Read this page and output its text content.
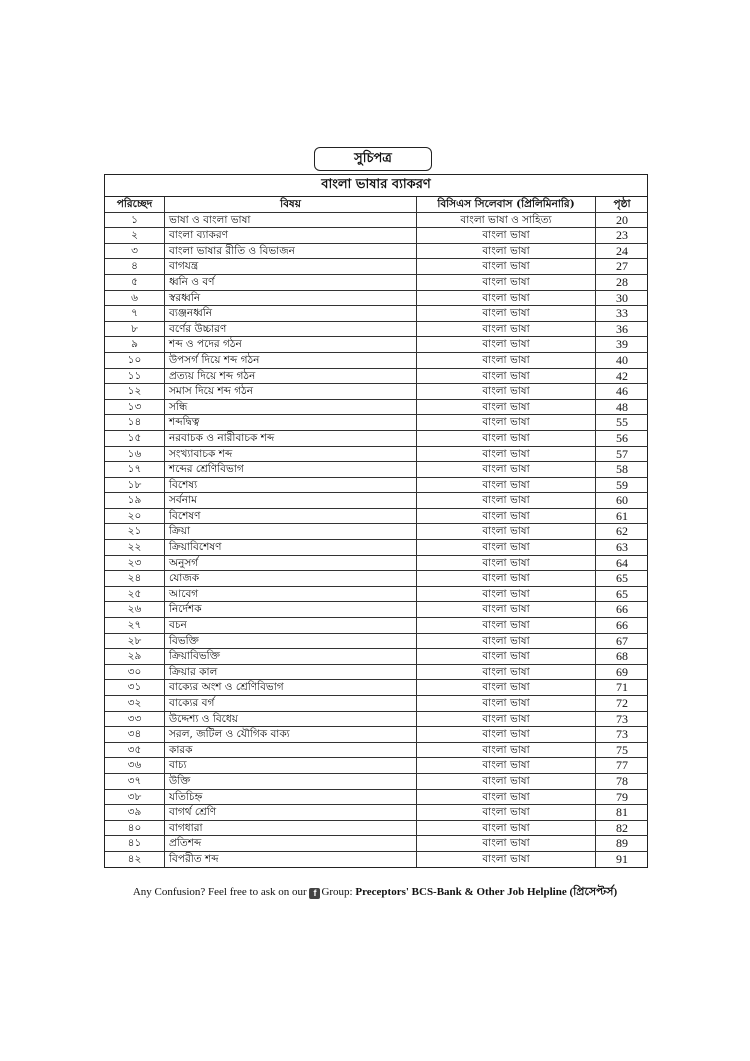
সুচিপত্র
বাংলা ভাষার ব্যাকরণ
পরিচ্ছেদ	বিষয়	বিসিএস সিলেবাস (প্রিলিমিনারি)	পৃষ্ঠা
১	ভাষা ও বাংলা ভাষা	বাংলা ভাষা ও সাহিত্য	20
২	বাংলা ব্যাকরণ	বাংলা ভাষা	23
৩	বাংলা ভাষার রীতি ও বিভাজন	বাংলা ভাষা	24
৪	বাগযন্ত্র	বাংলা ভাষা	27
৫	ধ্বনি ও বর্ণ	বাংলা ভাষা	28
৬	স্বরধ্বনি	বাংলা ভাষা	30
৭	ব্যঞ্জনধ্বনি	বাংলা ভাষা	33
৮	বর্ণের উচ্চারণ	বাংলা ভাষা	36
৯	শব্দ ও পদের গঠন	বাংলা ভাষা	39
১০	উপসর্গ দিয়ে শব্দ গঠন	বাংলা ভাষা	40
১১	প্রত্যয় দিয়ে শব্দ গঠন	বাংলা ভাষা	42
১২	সমাস দিয়ে শব্দ গঠন	বাংলা ভাষা	46
১৩	সন্ধি	বাংলা ভাষা	48
১৪	শব্দদ্বিত্ব	বাংলা ভাষা	55
১৫	নরবাচক ও নারীবাচক শব্দ	বাংলা ভাষা	56
১৬	সংখ্যাবাচক শব্দ	বাংলা ভাষা	57
১৭	শব্দের শ্রেণিবিভাগ	বাংলা ভাষা	58
১৮	বিশেষ্য	বাংলা ভাষা	59
১৯	সর্বনাম	বাংলা ভাষা	60
২০	বিশেষণ	বাংলা ভাষা	61
২১	ক্রিয়া	বাংলা ভাষা	62
২২	ক্রিয়াবিশেষণ	বাংলা ভাষা	63
২৩	অনুসর্গ	বাংলা ভাষা	64
২৪	যোজক	বাংলা ভাষা	65
২৫	আবেগ	বাংলা ভাষা	65
২৬	নির্দেশক	বাংলা ভাষা	66
২৭	বচন	বাংলা ভাষা	66
২৮	বিভক্তি	বাংলা ভাষা	67
২৯	ক্রিয়াবিভক্তি	বাংলা ভাষা	68
৩০	ক্রিয়ার কাল	বাংলা ভাষা	69
৩১	বাক্যের অংশ ও শ্রেণিবিভাগ	বাংলা ভাষা	71
৩২	বাক্যের বর্গ	বাংলা ভাষা	72
৩৩	উদ্দেশ্য ও বিধেয়	বাংলা ভাষা	73
৩৪	সরল, জটিল ও যৌগিক বাক্য	বাংলা ভাষা	73
৩৫	কারক	বাংলা ভাষা	75
৩৬	বাচ্য	বাংলা ভাষা	77
৩৭	উক্তি	বাংলা ভাষা	78
৩৮	যতিচিহ্ন	বাংলা ভাষা	79
৩৯	বাগর্থ শ্রেণি	বাংলা ভাষা	81
৪০	বাগধারা	বাংলা ভাষা	82
৪১	প্রতিশব্দ	বাংলা ভাষা	89
৪২	বিপরীত শব্দ	বাংলা ভাষা	91
Any Confusion? Feel free to ask on our f Group: Preceptors' BCS-Bank & Other Job Helpline (প্রিসেপ্টর্স)
